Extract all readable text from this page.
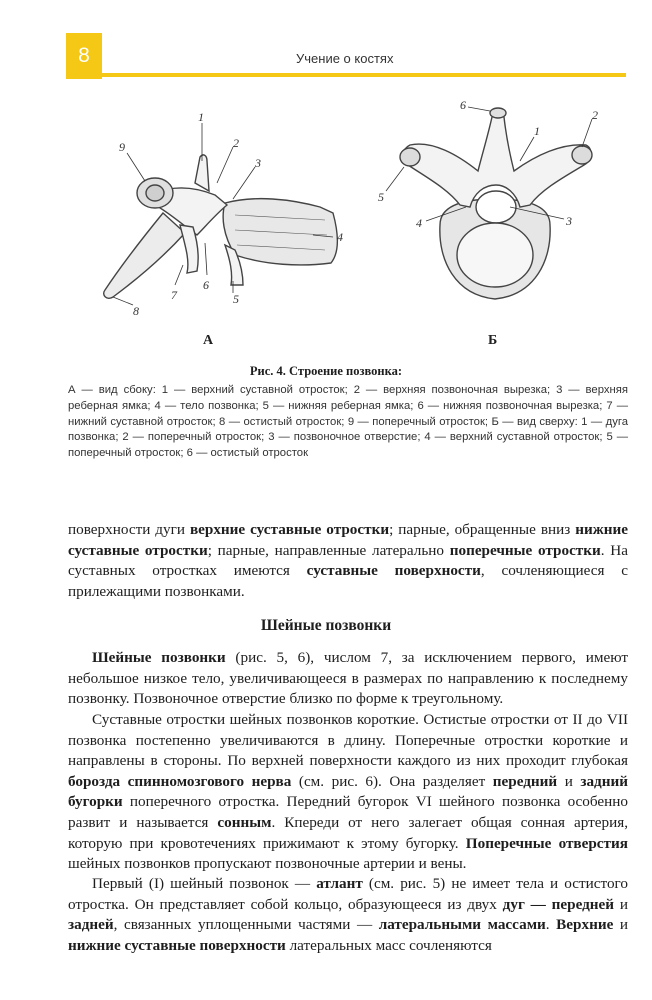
8	Учение о костях
1
2
3
4
5
6
7
8
9
А
6
1
2
5
4	3
Б
Рис. 4. Строение позвонка:
А — вид сбоку: 1 — верхний суставной отросток; 2 — верхняя позвоночная вырезка; 3 — верхняя реберная ямка; 4 — тело позвонка; 5 — нижняя реберная ямка; 6 — нижняя позвоночная вырезка; 7 — нижний суставной отросток; 8 — остистый отросток; 9 — поперечный отросток; Б — вид сверху: 1 — дуга позвонка; 2 — поперечный отросток; 3 — позвоночное отверстие; 4 — верхний суставной отросток; 5 — поперечный отросток; 6 — остистый отросток

поверхности дуги верхние суставные отростки; парные, обращенные вниз нижние суставные отростки; парные, направленные латерально поперечные отростки. На суставных отростках имеются суставные поверхности, сочленяющиеся с прилежащими позвонками.

Шейные позвонки

Шейные позвонки (рис. 5, 6), числом 7, за исключением первого, имеют небольшое низкое тело, увеличивающееся в размерах по направлению к последнему позвонку. Позвоночное отверстие близко по форме к треугольному.

Суставные отростки шейных позвонков короткие. Остистые отростки от II до VII позвонка постепенно увеличиваются в длину. Поперечные отростки короткие и направлены в стороны. По верхней поверхности каждого из них проходит глубокая борозда спинномозгового нерва (см. рис. 6). Она разделяет передний и задний бугорки поперечного отростка. Передний бугорок VI шейного позвонка особенно развит и называется сонным. Кпереди от него залегает общая сонная артерия, которую при кровотечениях прижимают к этому бугорку. Поперечные отверстия шейных позвонков пропускают позвоночные артерии и вены.

Первый (I) шейный позвонок — атлант (см. рис. 5) не имеет тела и остистого отростка. Он представляет собой кольцо, образующееся из двух дуг — передней и задней, связанных уплощенными частями — латеральными массами. Верхние и нижние суставные поверхности латеральных масс сочленяются
